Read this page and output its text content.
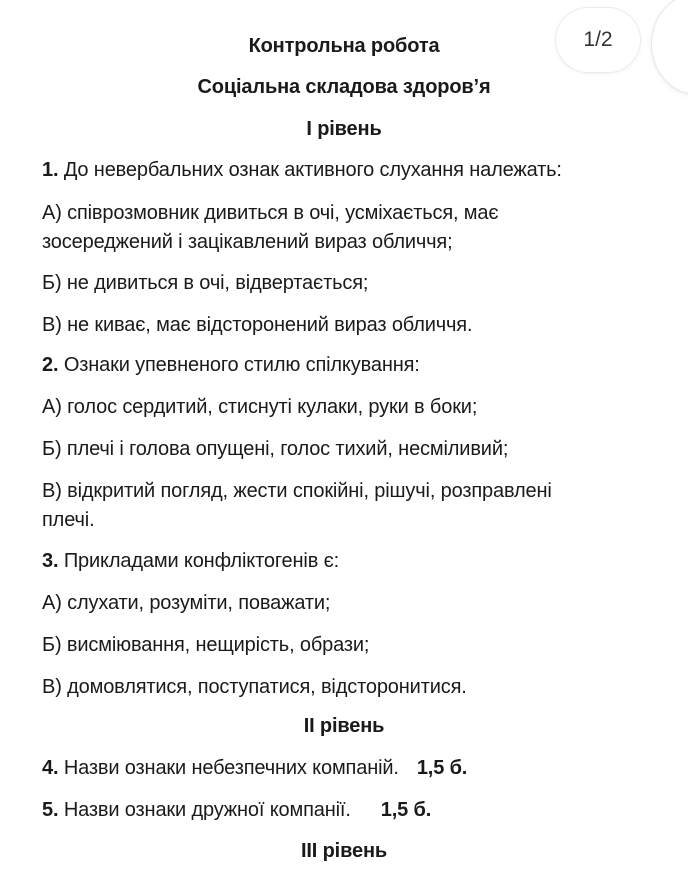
Контрольна робота

Соціальна складова здоров’я

І рівень

1. До невербальних ознак активного слухання належать:

А) співрозмовник дивиться в очі, усміхається, має

зосереджений і зацікавлений вираз обличчя;

Б) не дивиться в очі, відвертається;

В) не киває, має відсторонений вираз обличчя.

2. Ознаки упевненого стилю спілкування:

А) голос сердитий, стиснуті кулаки, руки в боки;

Б) плечі і голова опущені, голос тихий, несміливий;

В) відкритий погляд, жести спокійні, рішучі, розправлені

плечі.

3. Прикладами конфліктогенів є:

А) слухати, розуміти, поважати;

Б) висміювання, нещирість, образи;

В) домовлятися, поступатися, відсторонитися.

ІІ рівень

4. Назви ознаки небезпечних компаній. 1,5 б.

5. Назви ознаки дружної компанії. 1,5 б.

ІІІ рівень

1/2
